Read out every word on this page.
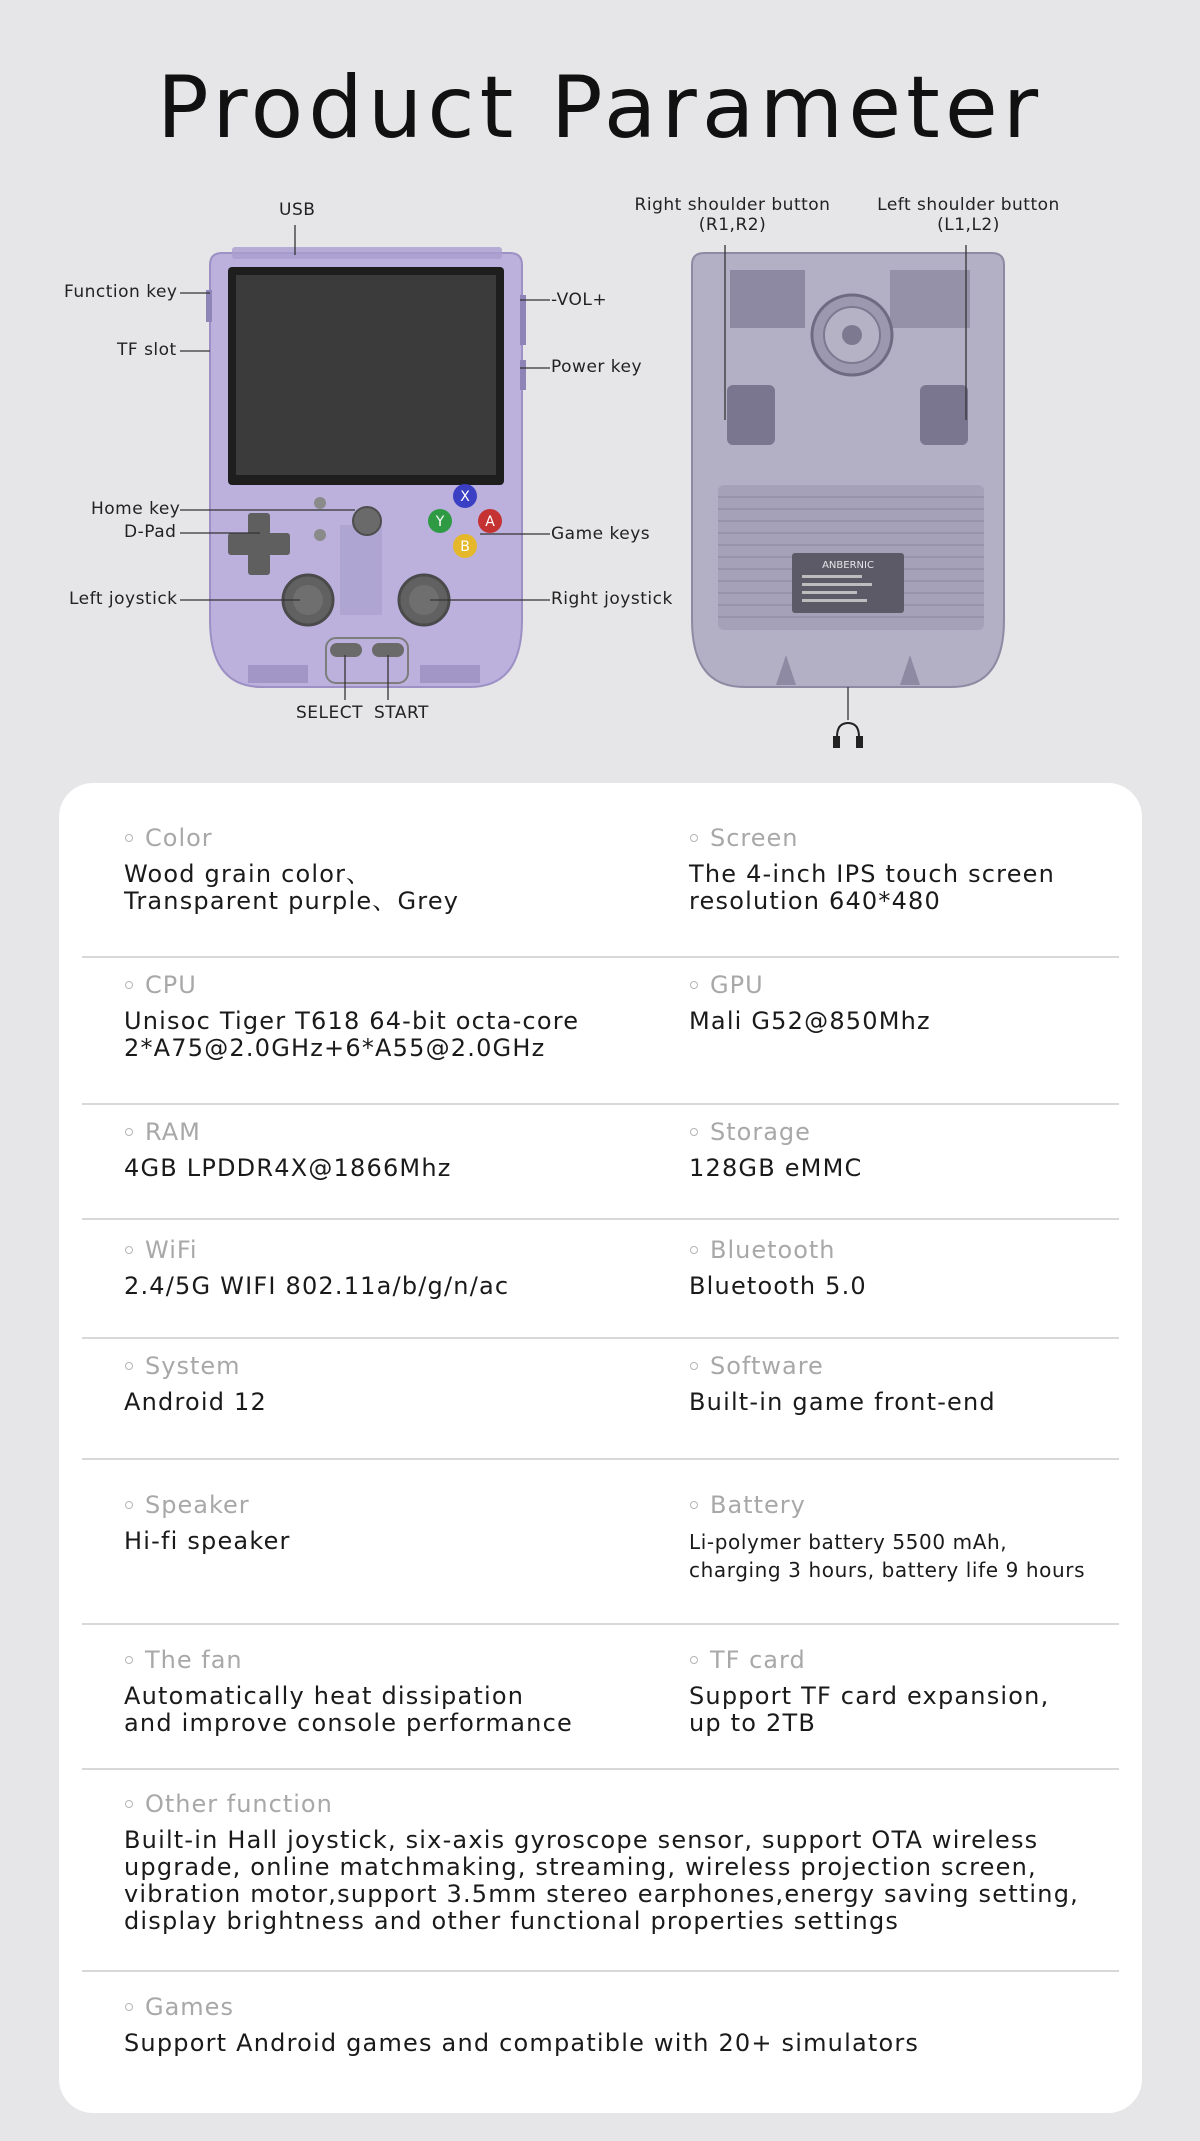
Product Parameter
X
Y	A
B
ANBERNIC
USB
Function key
TF slot
-VOL+
Power key
Home key
D-Pad	Game keys
Left joystick	Right joystick
SELECT START
Right shoulder button
(R1,R2)
Left shoulder button
(L1,L2)
Color
Wood grain color、
Transparent purple、Grey
Screen
The 4-inch IPS touch screen
resolution 640*480
CPU
Unisoc Tiger T618 64-bit octa-core
2*A75@2.0GHz+6*A55@2.0GHz
GPU
Mali G52@850Mhz
RAM
4GB LPDDR4X@1866Mhz
Storage
128GB eMMC
WiFi
2.4/5G WIFI 802.11a/b/g/n/ac
Bluetooth
Bluetooth 5.0
System
Android 12
Software
Built-in game front-end
Speaker
Hi-fi speaker
Battery
Li-polymer battery 5500 mAh,
charging 3 hours, battery life 9 hours
The fan
Automatically heat dissipation
and improve console performance
TF card
Support TF card expansion,
up to 2TB
Other function
Built-in Hall joystick, six-axis gyroscope sensor, support OTA wireless
upgrade, online matchmaking, streaming, wireless projection screen,
vibration motor,support 3.5mm stereo earphones,energy saving setting,
display brightness and other functional properties settings
Games
Support Android games and compatible with 20+ simulators
